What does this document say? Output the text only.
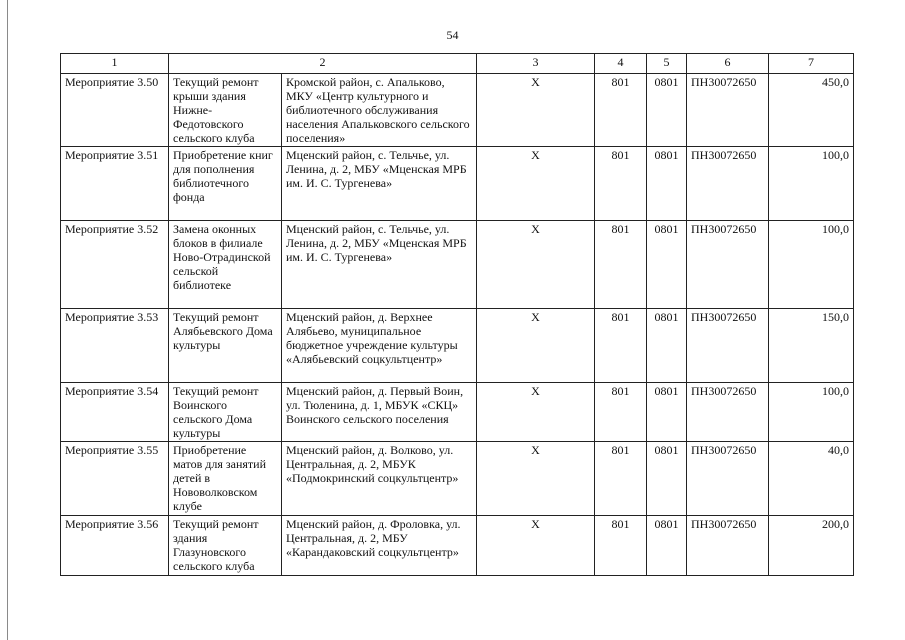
54
1	2		3	4	5	6	7
Мероприятие 3.50	Текущий ремонт крыши здания Нижне-Федотовского сельского клуба	Кромской район, с. Апальково, МКУ «Центр культурного и библиотечного обслуживания населения Апальковского сельского поселения»	X	801	0801	ПН30072650	450,0
Мероприятие 3.51	Приобретение книг для пополнения библиотечного фонда	Мценский район, с. Тельчье, ул. Ленина, д. 2, МБУ «Мценская МРБ им. И. С. Тургенева»	X	801	0801	ПН30072650	100,0
Мероприятие 3.52	Замена оконных блоков в филиале Ново-Отрадинской сельской библиотеке	Мценский район, с. Тельчье, ул. Ленина, д. 2, МБУ «Мценская МРБ им. И. С. Тургенева»	X	801	0801	ПН30072650	100,0
Мероприятие 3.53	Текущий ремонт Алябьевского Дома культуры	Мценский район, д. Верхнее Алябьево, муниципальное бюджетное учреждение культуры «Алябьевский соцкультцентр»	X	801	0801	ПН30072650	150,0
Мероприятие 3.54	Текущий ремонт Воинского сельского Дома культуры	Мценский район, д. Первый Воин, ул. Тюленина, д. 1, МБУК «СКЦ» Воинского сельского поселения	X	801	0801	ПН30072650	100,0
Мероприятие 3.55	Приобретение матов для занятий детей в Нововолковском клубе	Мценский район, д. Волково, ул. Центральная, д. 2, МБУК «Подмокринский соцкультцентр»	X	801	0801	ПН30072650	40,0
Мероприятие 3.56	Текущий ремонт здания Глазуновского сельского клуба	Мценский район, д. Фроловка, ул. Центральная, д. 2, МБУ «Карандаковский соцкультцентр»	X	801	0801	ПН30072650	200,0
